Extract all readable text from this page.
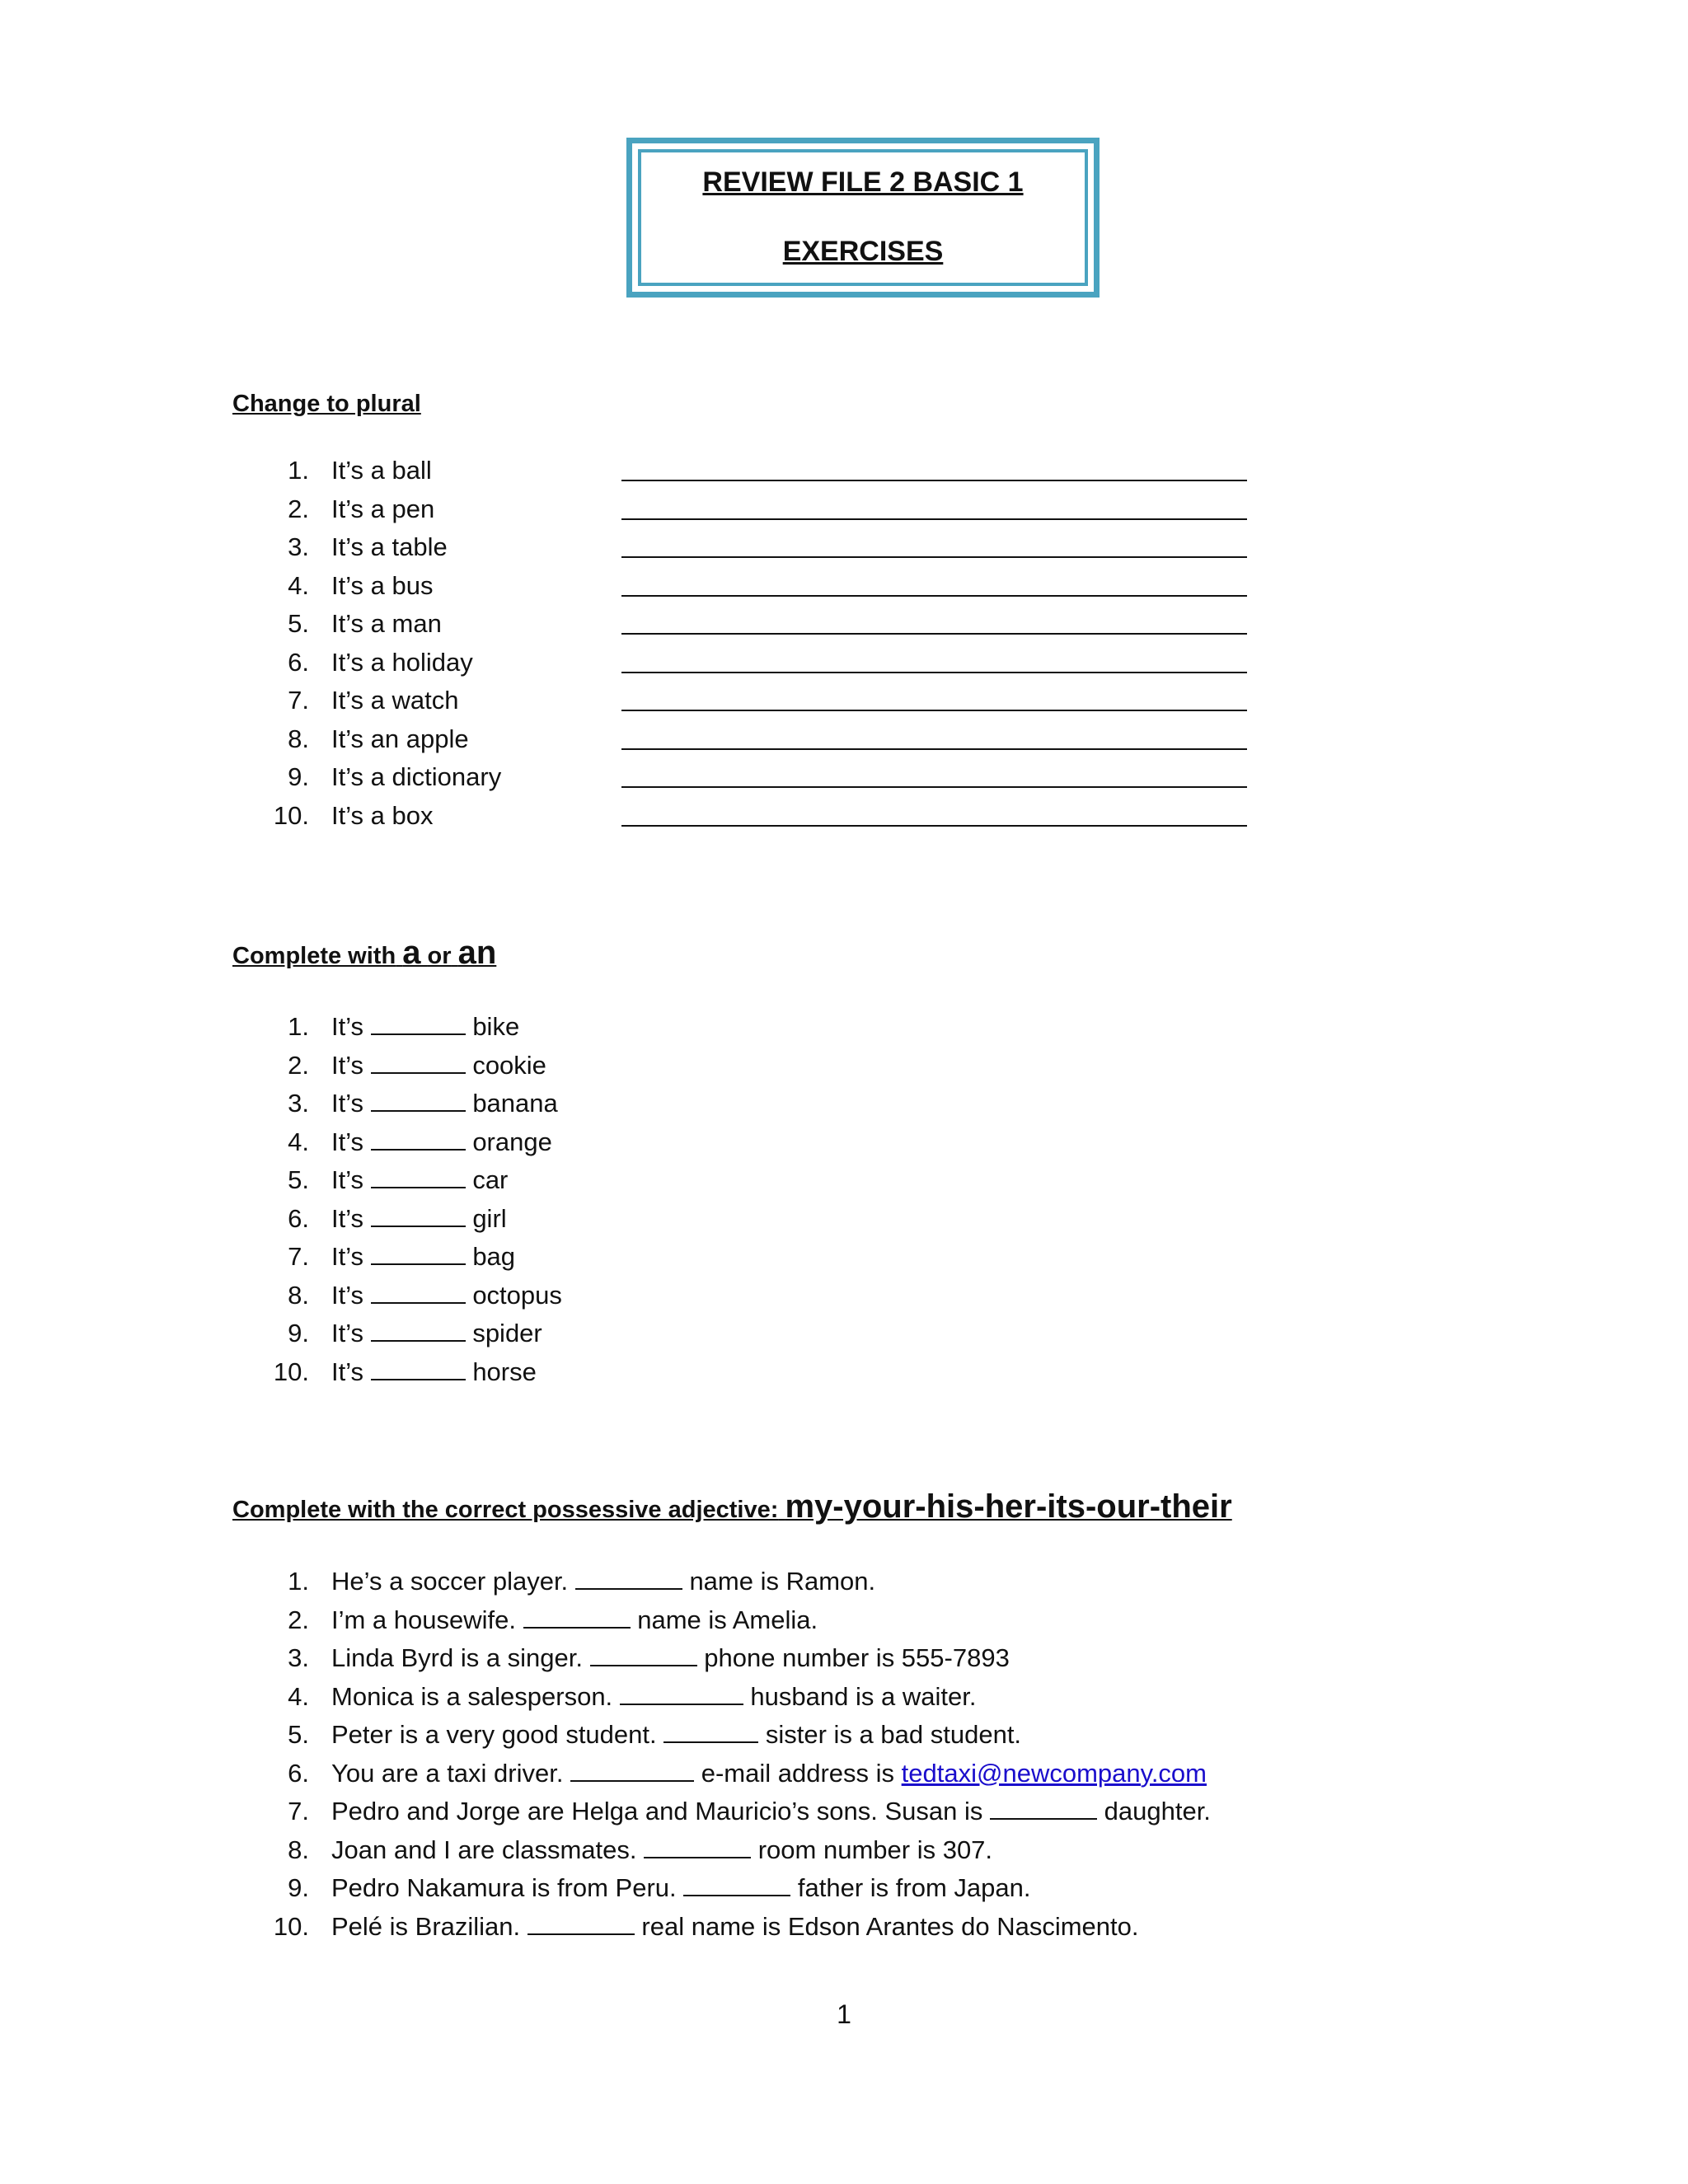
REVIEW FILE 2 BASIC 1
EXERCISES
Change to plural
1. It’s a ball
2. It’s a pen
3. It’s a table
4. It’s a bus
5. It’s a man
6. It’s a holiday
7. It’s a watch
8. It’s an apple
9. It’s a dictionary
10. It’s a box
Complete with a or an
1. It’s	bike
2. It’s	cookie
3. It’s	banana
4. It’s	orange
5. It’s	car
6. It’s	girl
7. It’s	bag
8. It’s	octopus
9. It’s	spider
10. It’s	horse
Complete with the correct possessive adjective: my-your-his-her-its-our-their
1. He’s a soccer player.	name is Ramon.
2. I’m a housewife.	name is Amelia.
3. Linda Byrd is a singer.	phone number is 555-7893
4. Monica is a salesperson.	husband is a waiter.
5. Peter is a very good student.	sister is a bad student.
6. You are a taxi driver.	e-mail address is tedtaxi@newcompany.com
7. Pedro and Jorge are Helga and Mauricio’s sons. Susan is	daughter.
8. Joan and I are classmates.	room number is 307.
9. Pedro Nakamura is from Peru.	father is from Japan.
10. Pelé is Brazilian.	real name is Edson Arantes do Nascimento.
1
